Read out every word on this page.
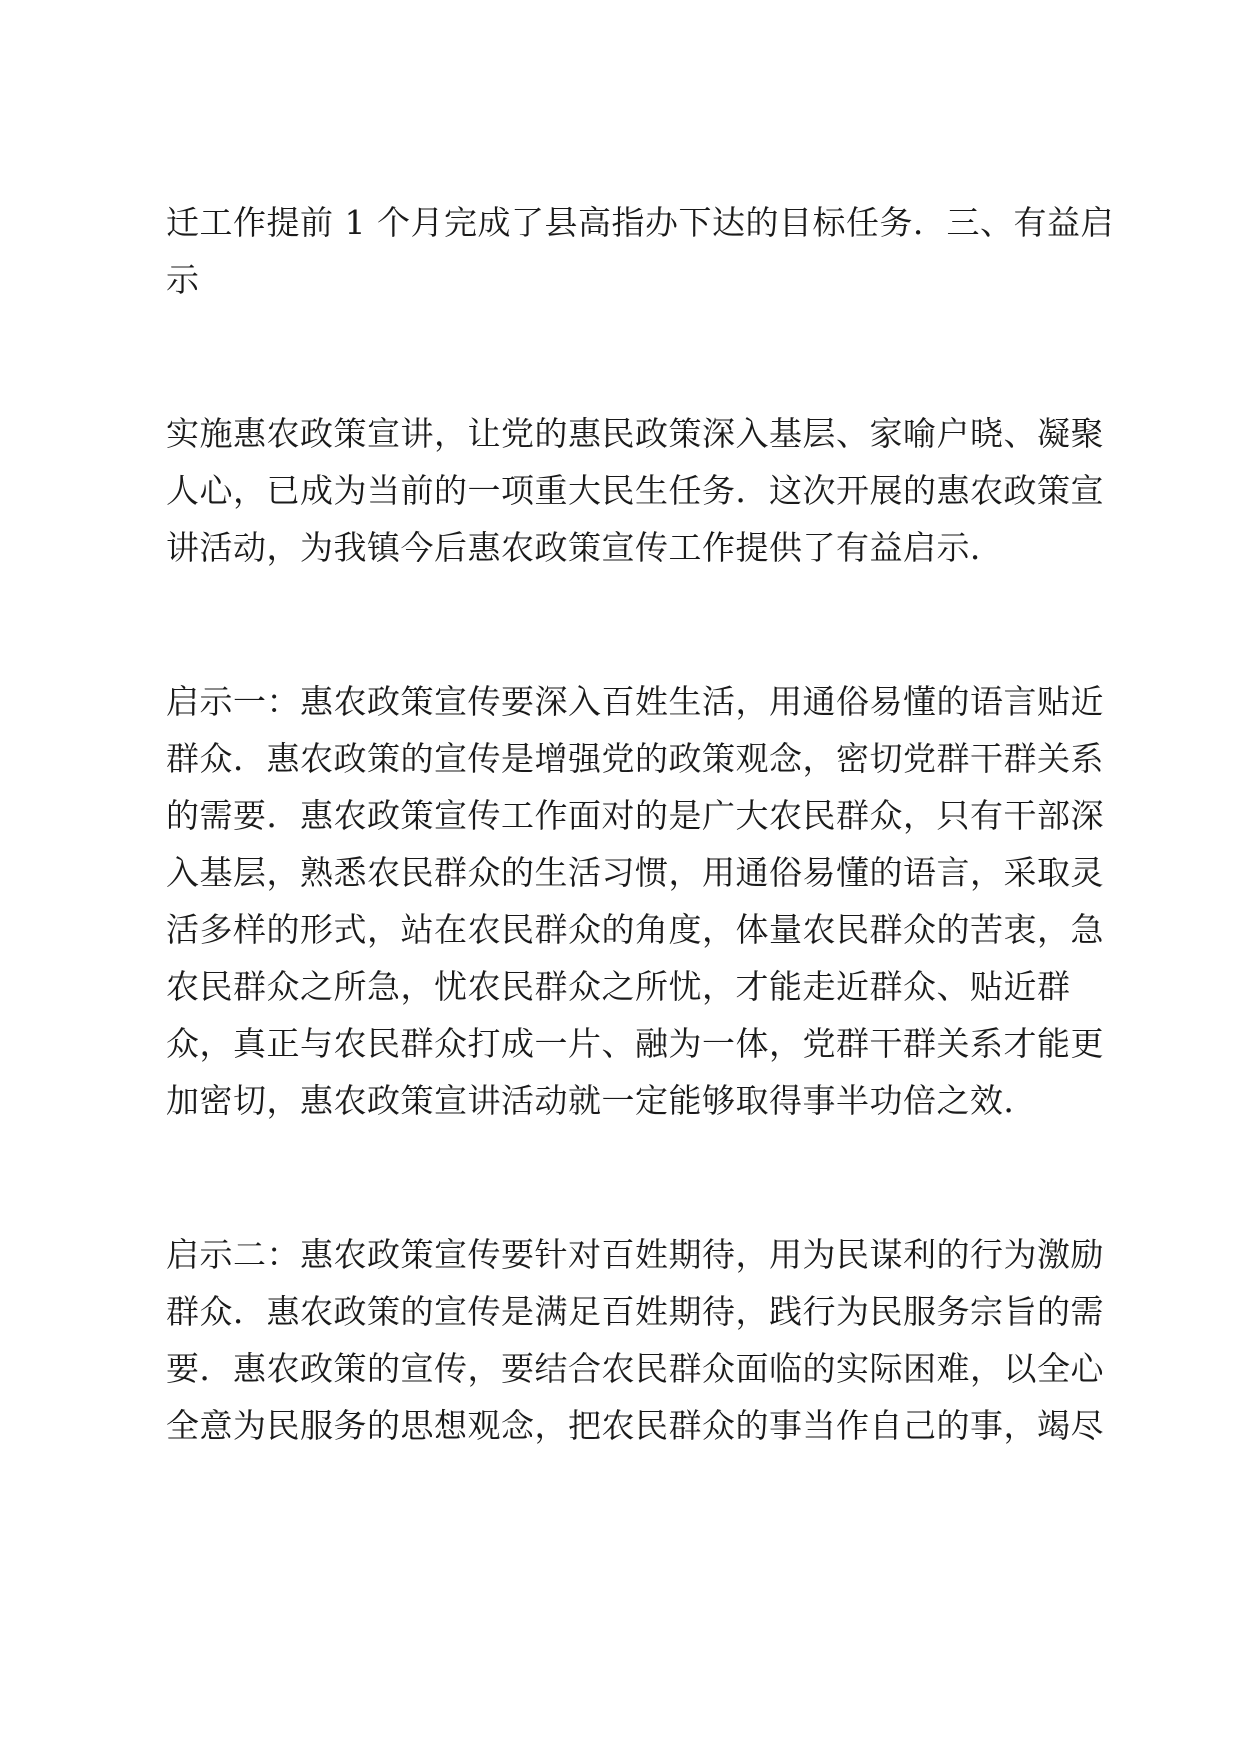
迁工作提前 1 个月完成了县高指办下达的目标任务．三、有益启
示
实施惠农政策宣讲，让党的惠民政策深入基层、家喻户晓、凝聚
人心，已成为当前的一项重大民生任务．这次开展的惠农政策宣
讲活动，为我镇今后惠农政策宣传工作提供了有益启示．
启示一：惠农政策宣传要深入百姓生活，用通俗易懂的语言贴近
群众．惠农政策的宣传是增强党的政策观念，密切党群干群关系
的需要．惠农政策宣传工作面对的是广大农民群众，只有干部深
入基层，熟悉农民群众的生活习惯，用通俗易懂的语言，采取灵
活多样的形式，站在农民群众的角度，体量农民群众的苦衷，急
农民群众之所急，忧农民群众之所忧，才能走近群众、贴近群
众，真正与农民群众打成一片、融为一体，党群干群关系才能更
加密切，惠农政策宣讲活动就一定能够取得事半功倍之效．
启示二：惠农政策宣传要针对百姓期待，用为民谋利的行为激励
群众．惠农政策的宣传是满足百姓期待，践行为民服务宗旨的需
要．惠农政策的宣传，要结合农民群众面临的实际困难，以全心
全意为民服务的思想观念，把农民群众的事当作自己的事，竭尽
